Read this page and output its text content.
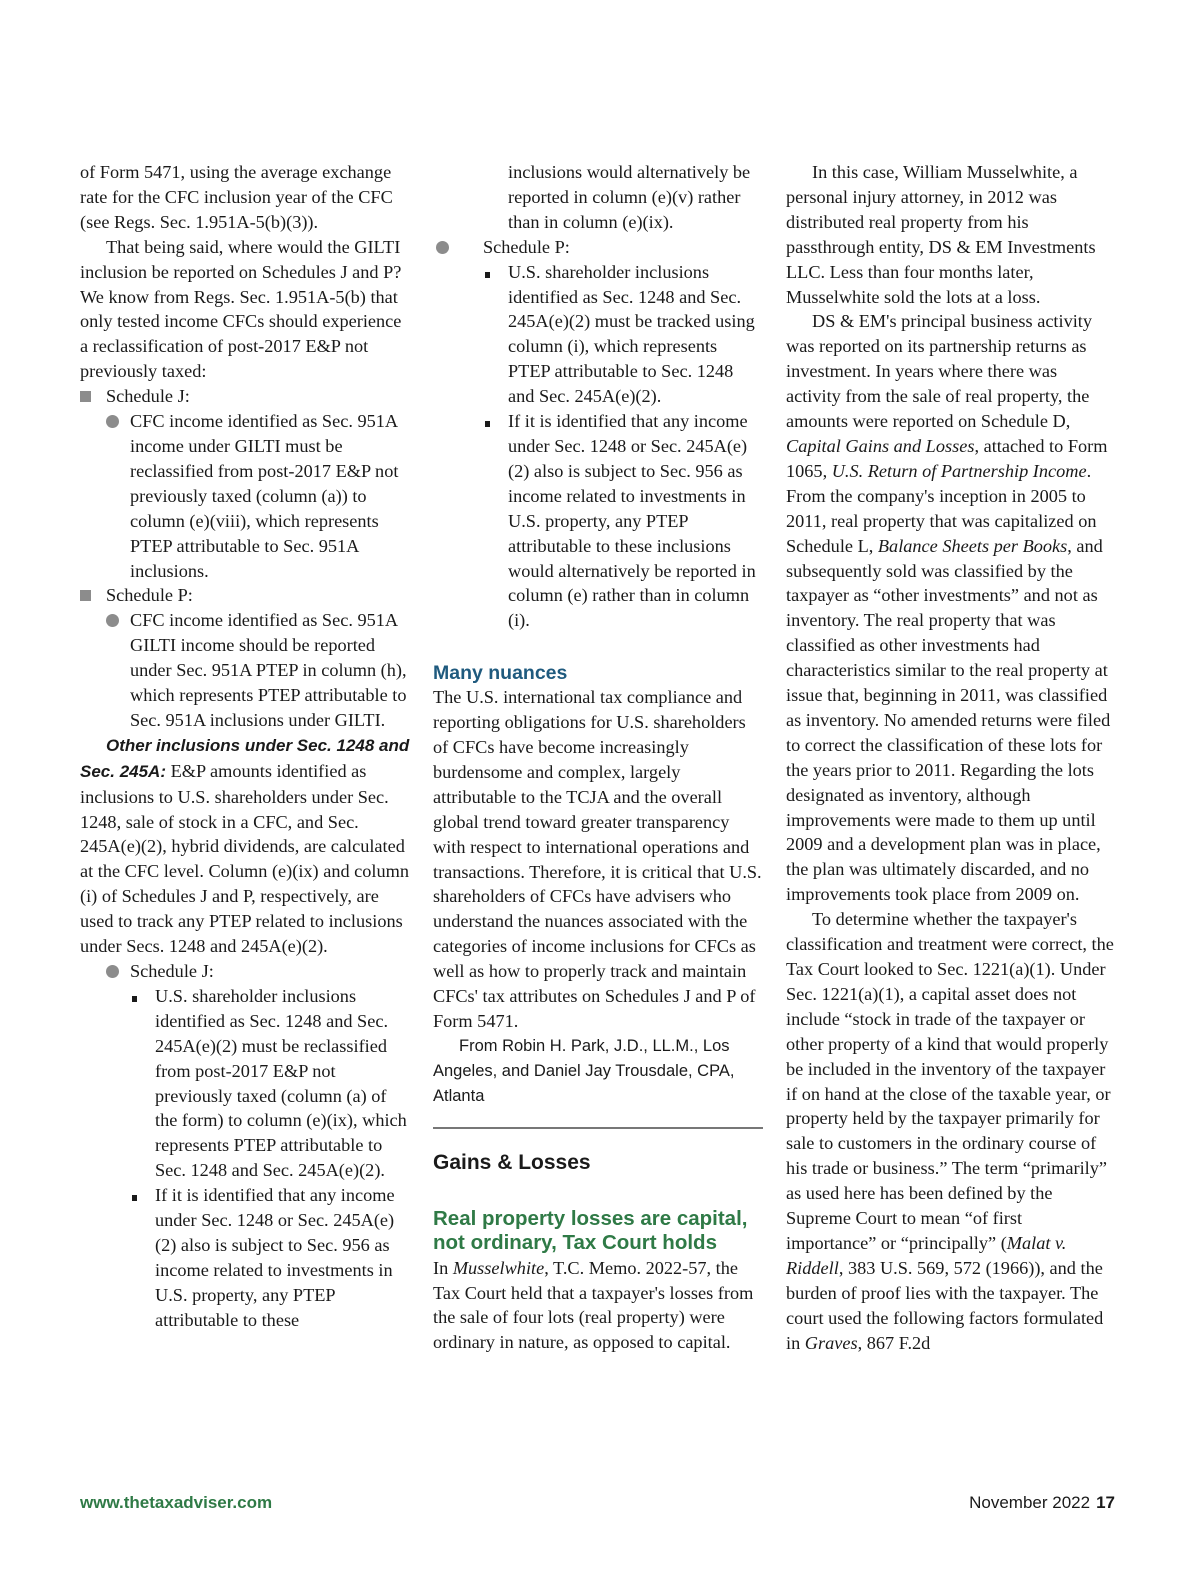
of Form 5471, using the average exchange rate for the CFC inclusion year of the CFC (see Regs. Sec. 1.951A-5(b)(3)).

That being said, where would the GILTI inclusion be reported on Schedules J and P? We know from Regs. Sec. 1.951A-5(b) that only tested income CFCs should experience a reclassification of post-2017 E&P not previously taxed:

Schedule J:
CFC income identified as Sec. 951A income under GILTI must be reclassified from post-2017 E&P not previously taxed (column (a)) to column (e)(viii), which represents PTEP attributable to Sec. 951A inclusions.
Schedule P:
CFC income identified as Sec. 951A GILTI income should be reported under Sec. 951A PTEP in column (h), which represents PTEP attributable to Sec. 951A inclusions under GILTI.

Other inclusions under Sec. 1248 and Sec. 245A: E&P amounts identified as inclusions to U.S. shareholders under Sec. 1248, sale of stock in a CFC, and Sec. 245A(e)(2), hybrid dividends, are calculated at the CFC level. Column (e)(ix) and column (i) of Schedules J and P, respectively, are used to track any PTEP related to inclusions under Secs. 1248 and 245A(e)(2).

Schedule J:
U.S. shareholder inclusions identified as Sec. 1248 and Sec. 245A(e)(2) must be reclassified from post-2017 E&P not previously taxed (column (a) of the form) to column (e)(ix), which represents PTEP attributable to Sec. 1248 and Sec. 245A(e)(2).
If it is identified that any income under Sec. 1248 or Sec. 245A(e)(2) also is subject to Sec. 956 as income related to investments in U.S. property, any PTEP attributable to these

inclusions would alternatively be reported in column (e)(v) rather than in column (e)(ix).

Schedule P:
U.S. shareholder inclusions identified as Sec. 1248 and Sec. 245A(e)(2) must be tracked using column (i), which represents PTEP attributable to Sec. 1248 and Sec. 245A(e)(2).
If it is identified that any income under Sec. 1248 or Sec. 245A(e)(2) also is subject to Sec. 956 as income related to investments in U.S. property, any PTEP attributable to these inclusions would alternatively be reported in column (e) rather than in column (i).
Many nuances

The U.S. international tax compliance and reporting obligations for U.S. shareholders of CFCs have become increasingly burdensome and complex, largely attributable to the TCJA and the overall global trend toward greater transparency with respect to international operations and transactions. Therefore, it is critical that U.S. shareholders of CFCs have advisers who understand the nuances associated with the categories of income inclusions for CFCs as well as how to properly track and maintain CFCs' tax attributes on Schedules J and P of Form 5471.

From Robin H. Park, J.D., LL.M., Los Angeles, and Daniel Jay Trousdale, CPA, Atlanta

Gains & Losses
Real property losses are capital, not ordinary, Tax Court holds

In Musselwhite, T.C. Memo. 2022-57, the Tax Court held that a taxpayer's losses from the sale of four lots (real property) were ordinary in nature, as opposed to capital.

In this case, William Musselwhite, a personal injury attorney, in 2012 was distributed real property from his passthrough entity, DS & EM Investments LLC. Less than four months later, Musselwhite sold the lots at a loss.

DS & EM's principal business activity was reported on its partnership returns as investment. In years where there was activity from the sale of real property, the amounts were reported on Schedule D, Capital Gains and Losses, attached to Form 1065, U.S. Return of Partnership Income. From the company's inception in 2005 to 2011, real property that was capitalized on Schedule L, Balance Sheets per Books, and subsequently sold was classified by the taxpayer as “other investments” and not as inventory. The real property that was classified as other investments had characteristics similar to the real property at issue that, beginning in 2011, was classified as inventory. No amended returns were filed to correct the classification of these lots for the years prior to 2011. Regarding the lots designated as inventory, although improvements were made to them up until 2009 and a development plan was in place, the plan was ultimately discarded, and no improvements took place from 2009 on.

To determine whether the taxpayer's classification and treatment were correct, the Tax Court looked to Sec. 1221(a)(1). Under Sec. 1221(a)(1), a capital asset does not include “stock in trade of the taxpayer or other property of a kind that would properly be included in the inventory of the taxpayer if on hand at the close of the taxable year, or property held by the taxpayer primarily for sale to customers in the ordinary course of his trade or business.” The term “primarily” as used here has been defined by the Supreme Court to mean “of first importance” or “principally” (Malat v. Riddell, 383 U.S. 569, 572 (1966)), and the burden of proof lies with the taxpayer. The court used the following factors formulated in Graves, 867 F.2d

www.thetaxadviser.com	November 2022 17
